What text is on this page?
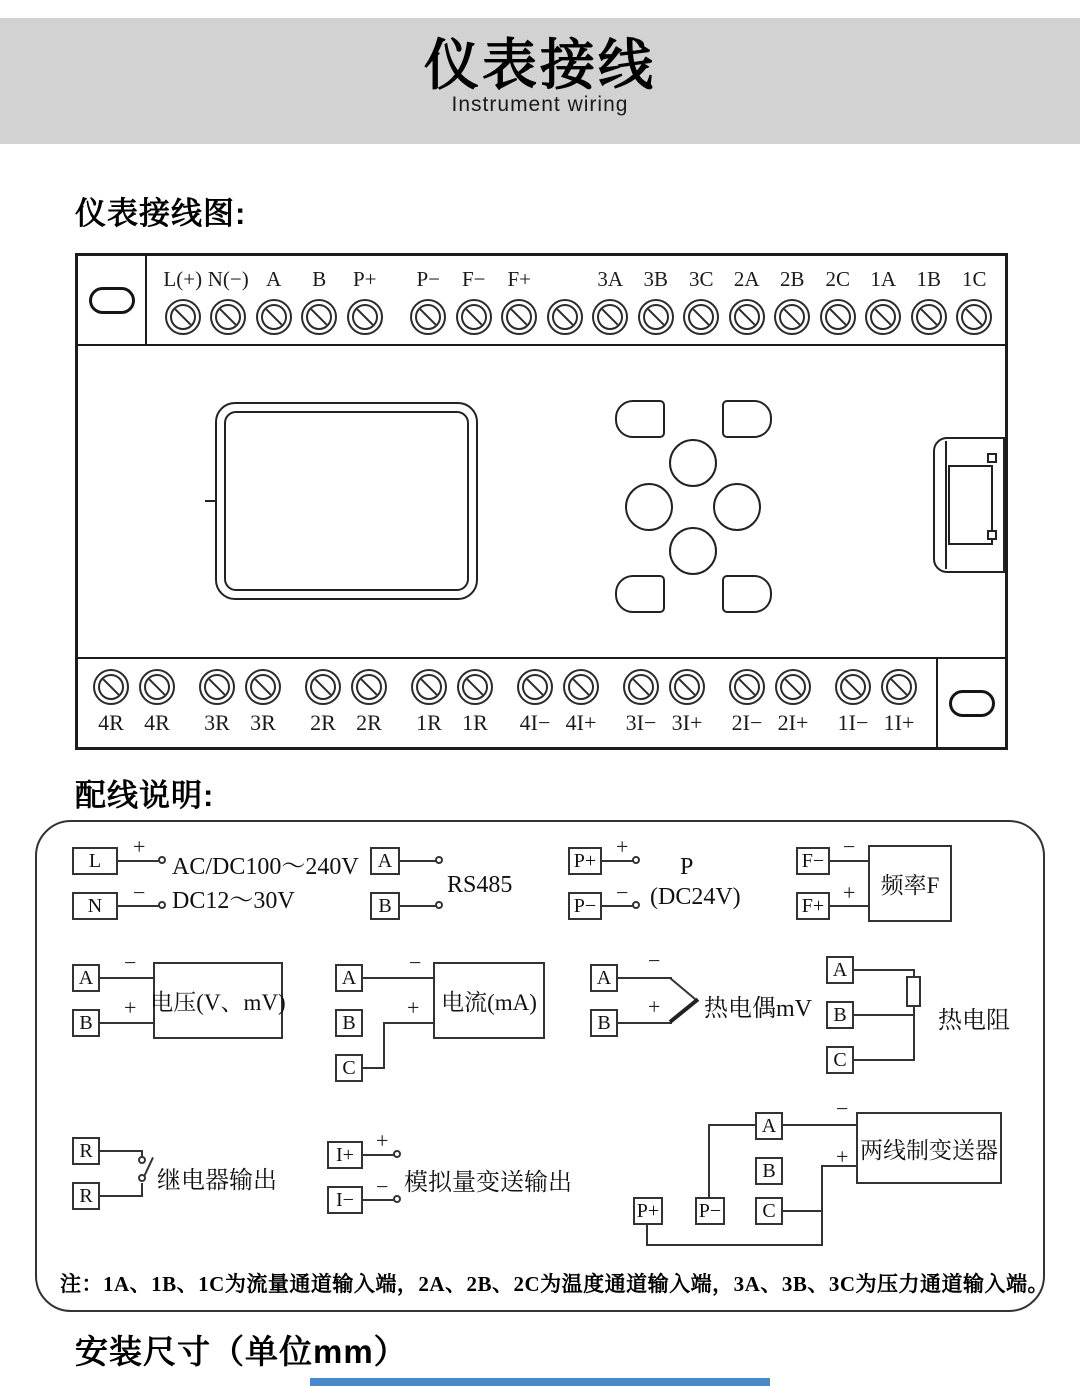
仪表接线
Instrument wiring
仪表接线图:
L(+) N(−) A B P+ P− F− F+	3A 3B 3C 2A 2B 2C 1A 1B 1C
4R 4R 3R 3R 2R 2R 1R 1R 4I− 4I+ 3I− 3I+ 2I− 2I+ 1I− 1I+
配线说明:
L
+
AC/DC100～240V
DC12～30V
N
−
A
B
RS485
P+
+
P−
−
P
(DC24V)
F−
−
F+
+	频率F
A
−
B
+ 电压(V、mV)
A
−
B
C
+ 电流(mA)
A
−
B
+ 热电偶mV
A
B
C
热电阻
R
R
继电器输出
I+
+
I−
− 模拟量变送输出
P+ P−
A
B
C
两线制变送器
−
+
注：1A、1B、1C为流量通道输入端，2A、2B、2C为温度通道输入端，3A、3B、3C为压力通道输入端。
安装尺寸（单位mm）
